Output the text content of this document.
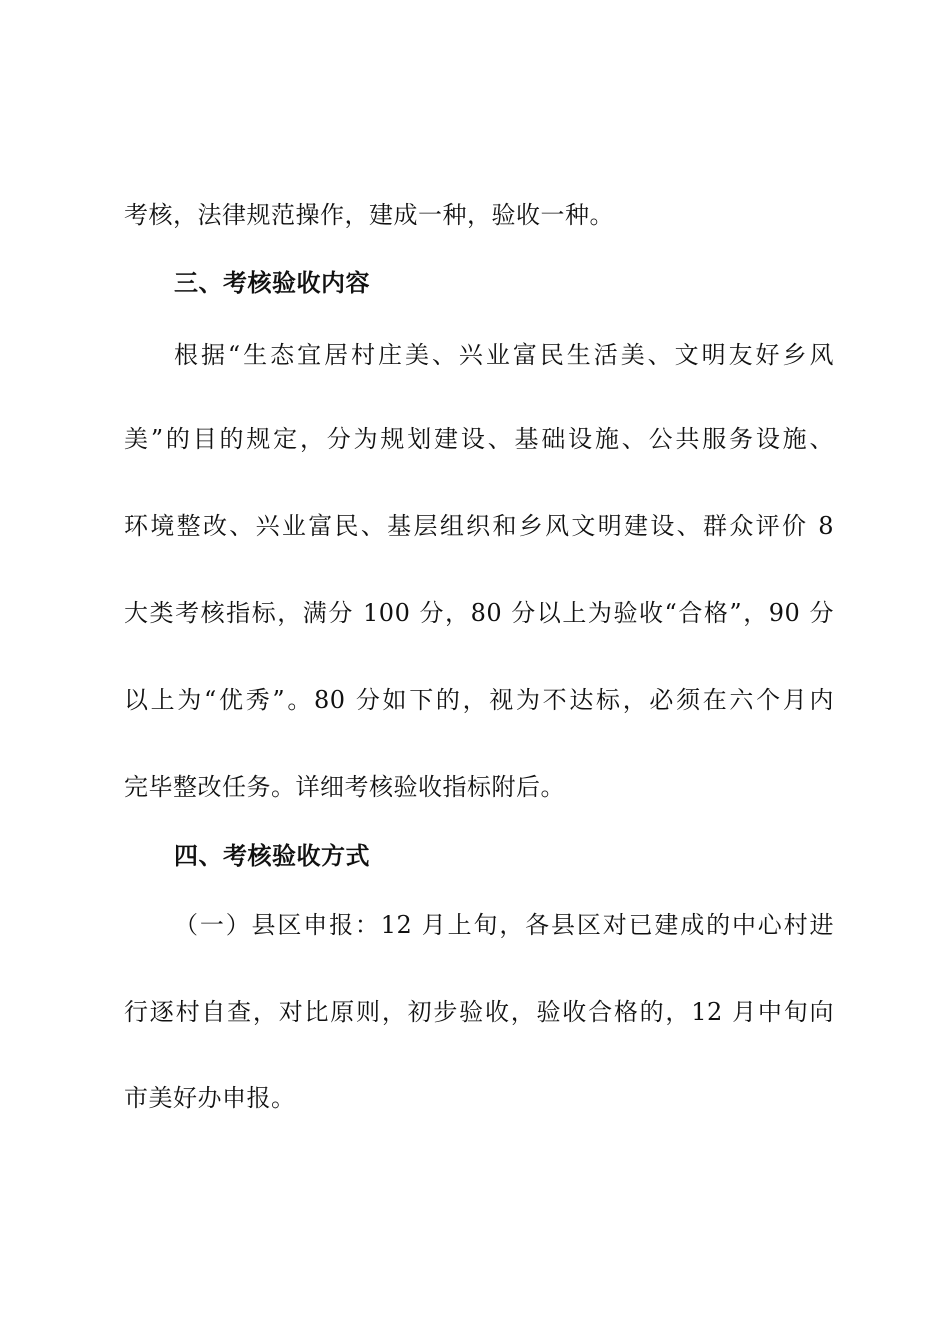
考核，法律规范操作，建成一种，验收一种。
三、考核验收内容
根据“生态宜居村庄美、兴业富民生活美、文明友好乡风
美”的目的规定，分为规划建设、基础设施、公共服务设施、
环境整改、兴业富民、基层组织和乡风文明建设、群众评价 8
大类考核指标，满分 100 分，80 分以上为验收“合格”，90 分
以上为“优秀”。80 分如下的，视为不达标，必须在六个月内
完毕整改任务。详细考核验收指标附后。
四、考核验收方式
（一）县区申报：12 月上旬，各县区对已建成的中心村进
行逐村自查，对比原则，初步验收，验收合格的，12 月中旬向
市美好办申报。
